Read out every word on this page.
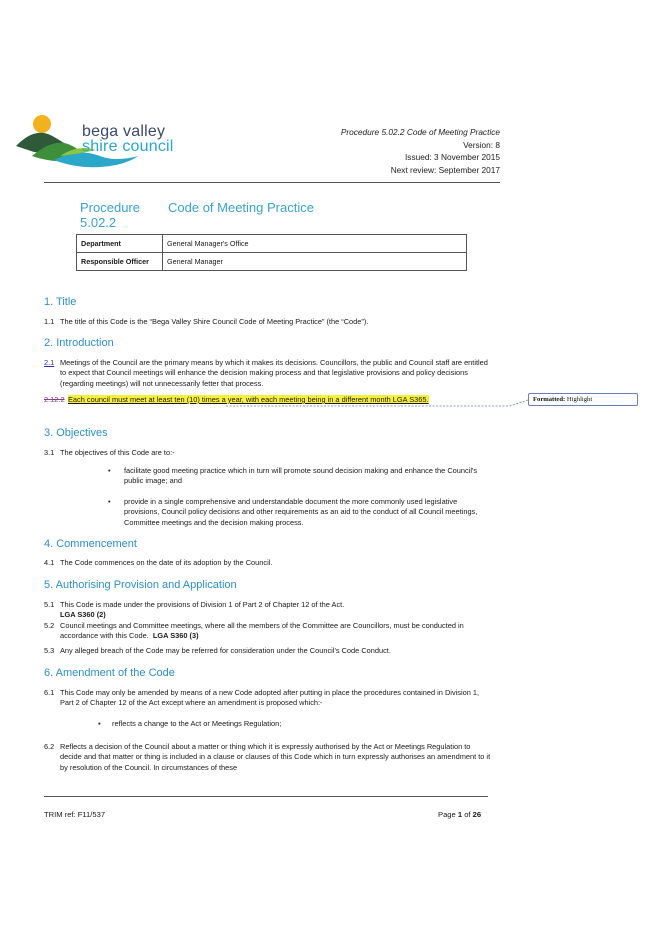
bega valley
shire council
Procedure 5.02.2 Code of Meeting Practice
Version: 8
Issued: 3 November 2015
Next review: September 2017
Procedure
5.02.2
Code of Meeting Practice
Department	General Manager's Office
Responsible Officer	General Manager
1. Title
1.1 The title of this Code is the “Bega Valley Shire Council Code of Meeting Practice” (the “Code”).
2. Introduction
2.1 Meetings of the Council are the primary means by which it makes its decisions. Councillors, the public and Council staff are entitled to expect that Council meetings will enhance the decision making process and that legislative provisions and policy decisions (regarding meetings) will not unnecessarily fetter that process.
2.12.2 Each council must meet at least ten (10) times a year, with each meeting being in a different month LGA S365.	Formatted: Highlight
3. Objectives
3.1 The objectives of this Code are to:-
• facilitate good meeting practice which in turn will promote sound decision making and enhance the Council's public image; and
• provide in a single comprehensive and understandable document the more commonly used legislative provisions, Council policy decisions and other requirements as an aid to the conduct of all Council meetings, Committee meetings and the decision making process.
4. Commencement
4.1 The Code commences on the date of its adoption by the Council.
5. Authorising Provision and Application
5.1 This Code is made under the provisions of Division 1 of Part 2 of Chapter 12 of the Act.
LGA S360 (2)
5.2 Council meetings and Committee meetings, where all the members of the Committee are Councillors, must be conducted in accordance with this Code. LGA S360 (3)
5.3 Any alleged breach of the Code may be referred for consideration under the Council's Code Conduct.
6. Amendment of the Code
6.1 This Code may only be amended by means of a new Code adopted after putting in place the procedures contained in Division 1, Part 2 of Chapter 12 of the Act except where an amendment is proposed which:-
▪ reflects a change to the Act or Meetings Regulation;
6.2 Reflects a decision of the Council about a matter or thing which it is expressly authorised by the Act or Meetings Regulation to decide and that matter or thing is included in a clause or clauses of this Code which in turn expressly authorises an amendment to it by resolution of the Council. In circumstances of these
TRIM ref: F11/537	Page 1 of 26
